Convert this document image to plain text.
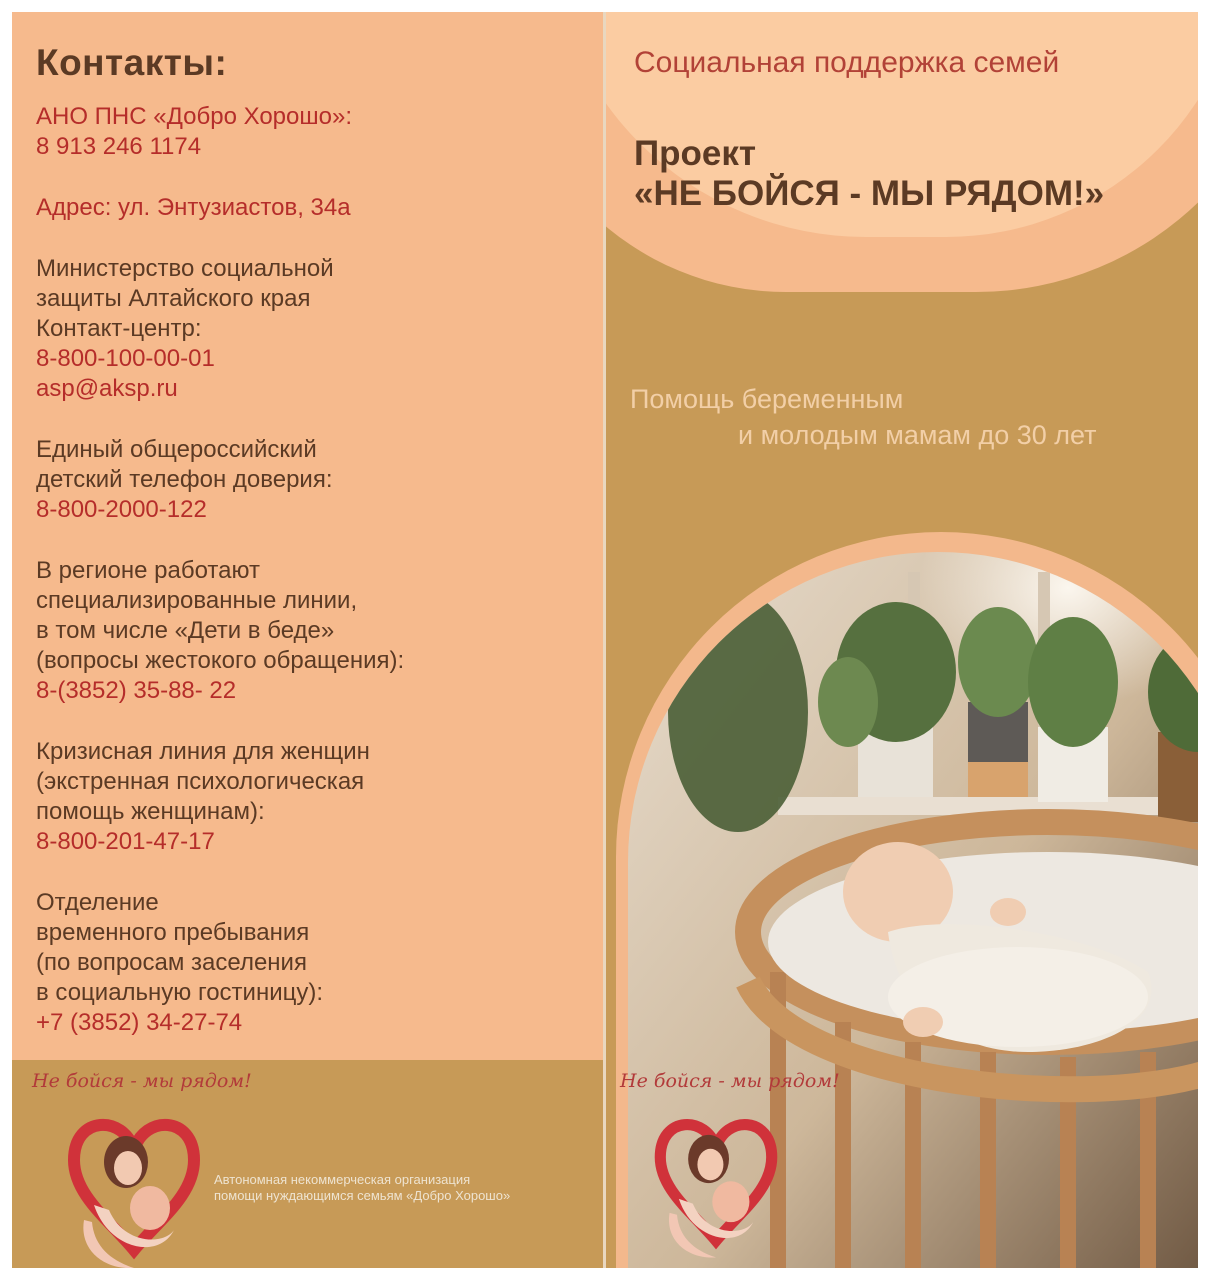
Контакты:
АНО ПНС «Добро Хорошо»:
8 913 246 1174
Адрес: ул. Энтузиастов, 34а
Министерство социальной
защиты Алтайского края
Контакт-центр:
8-800-100-00-01
asp@aksp.ru
Единый общероссийский
детский телефон доверия:
8-800-2000-122
В регионе работают
специализированные линии,
в том числе «Дети в беде»
(вопросы жестокого обращения):
8-(3852) 35-88- 22
Кризисная линия для женщин
(экстренная психологическая
помощь женщинам):
8-800-201-47-17
Отделение
временного пребывания
(по вопросам заселения
в социальную гостиницу):
+7 (3852) 34-27-74
Не бойся - мы рядом!
Автономная некоммерческая организация
помощи нуждающимся семьям «Добро Хорошо»
Социальная поддержка семей
Проект
«НЕ БОЙСЯ - МЫ РЯДОМ!»
Помощь беременным
и молодым мамам до 30 лет
Не бойся - мы рядом!
